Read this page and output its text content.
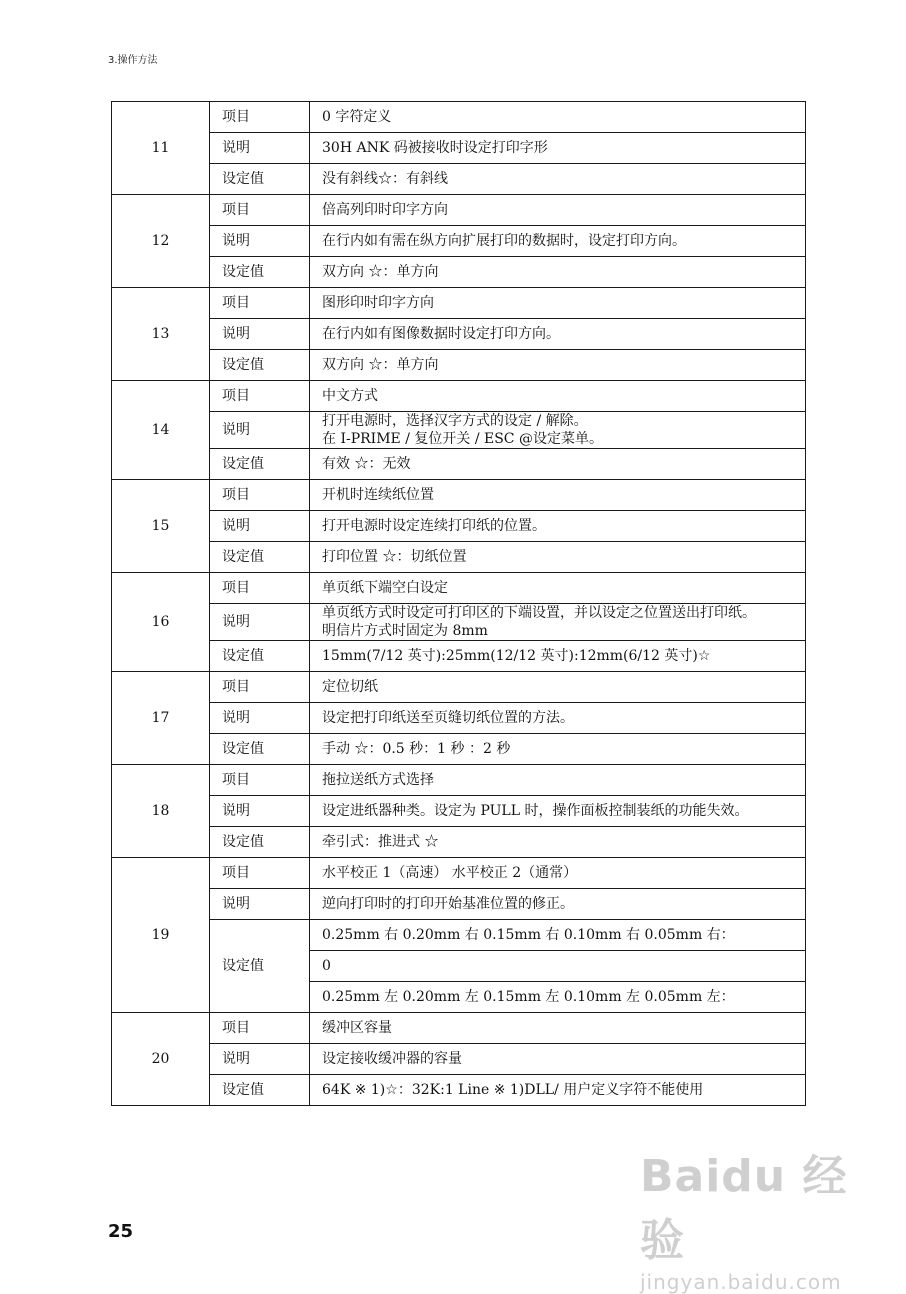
3.操作方法
11	项目	0 字符定义
	说明	30H ANK 码被接收时设定打印字形

	设定值	没有斜线☆：有斜线
12	项目	倍高列印时印字方向
	说明	在行内如有需在纵方向扩展打印的数据时，设定打印方向。

	设定值	双方向 ☆：单方向
13	项目	图形印时印字方向
	说明	在行内如有图像数据时设定打印方向。

	设定值	双方向 ☆：单方向
14	项目	中文方式
	说明	打开电源时，选择汉字方式的设定 / 解除。
在 I-PRIME / 复位开关 / ESC @设定菜单。

	设定值	有效 ☆：无效
15	项目	开机时连续纸位置
	说明	打开电源时设定连续打印纸的位置。

	设定值	打印位置 ☆：切纸位置
16	项目	单页纸下端空白设定
	说明	单页纸方式时设定可打印区的下端设置，并以设定之位置送出打印纸。
明信片方式时固定为 8mm

	设定值	15mm(7/12 英寸):25mm(12/12 英寸):12mm(6/12 英寸)☆
17	项目	定位切纸
	说明	设定把打印纸送至页缝切纸位置的方法。

	设定值	手动 ☆：0.5 秒：1 秒 ：2 秒
18	项目	拖拉送纸方式选择
	说明	设定进纸器种类。设定为 PULL 时，操作面板控制装纸的功能失效。

	设定值	牵引式：推进式 ☆
19	项目	水平校正 1（高速） 水平校正 2（通常）
	说明	逆向打印时的打印开始基准位置的修正。

	设定值	0.25mm 右 0.20mm 右 0.15mm 右 0.10mm 右 0.05mm 右：
		0
		0.25mm 左 0.20mm 左 0.15mm 左 0.10mm 左 0.05mm 左：
20	项目	缓冲区容量
	说明	设定接收缓冲器的容量

	设定值	64K ※ 1)☆：32K:1 Line ※ 1)DLL/ 用户定义字符不能使用
25
Baidu 经验
jingyan.baidu.com
